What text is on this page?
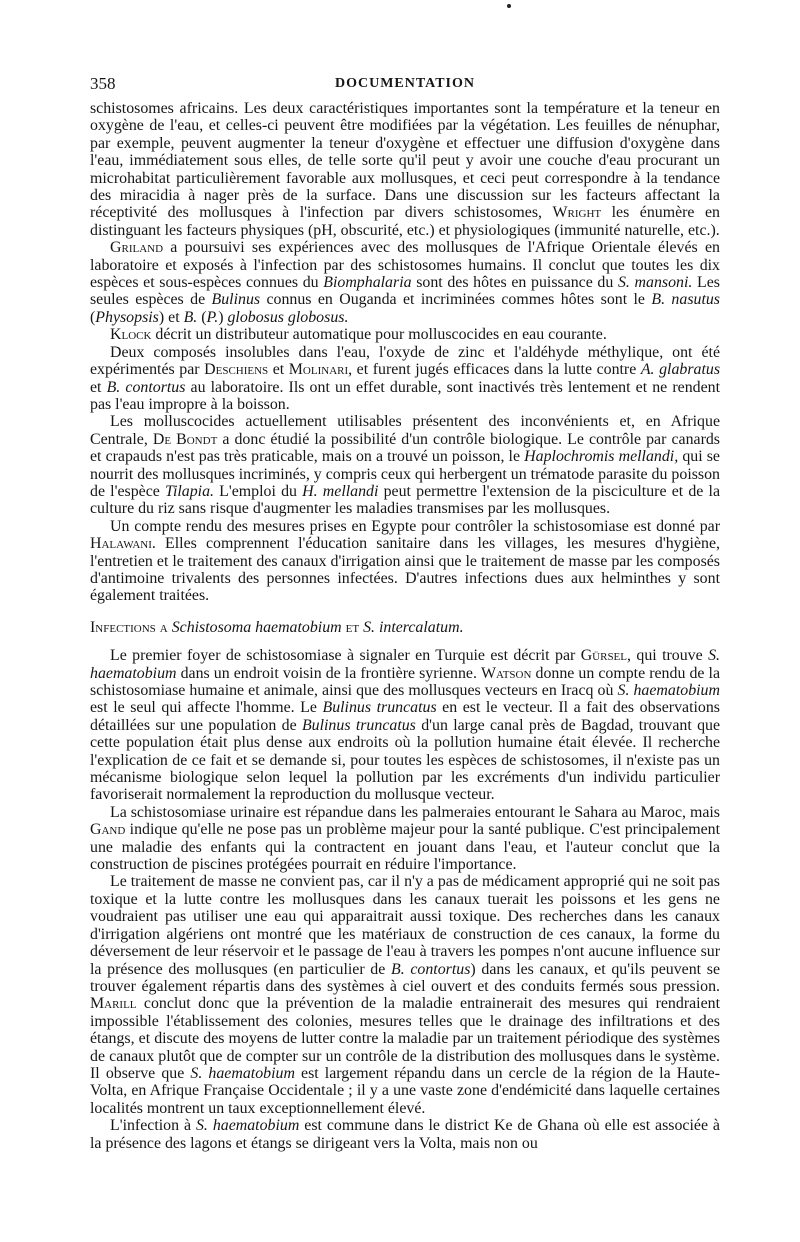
358	DOCUMENTATION

schistosomes africains. Les deux caractéristiques importantes sont la température et la teneur en oxygène de l'eau, et celles-ci peuvent être modifiées par la végétation. Les feuilles de nénuphar, par exemple, peuvent augmenter la teneur d'oxygène et effectuer une diffusion d'oxygène dans l'eau, immédiatement sous elles, de telle sorte qu'il peut y avoir une couche d'eau procurant un microhabitat particulièrement favorable aux mollusques, et ceci peut correspondre à la tendance des miracidia à nager près de la surface. Dans une discussion sur les facteurs affectant la réceptivité des mollusques à l'infection par divers schistosomes, Wright les énumère en distinguant les facteurs physiques (pH, obscurité, etc.) et physiologiques (immunité naturelle, etc.).

Griland a poursuivi ses expériences avec des mollusques de l'Afrique Orientale élevés en laboratoire et exposés à l'infection par des schistosomes humains. Il conclut que toutes les dix espèces et sous-espèces connues du Biomphalaria sont des hôtes en puissance du S. mansoni. Les seules espèces de Bulinus connus en Ouganda et incriminées commes hôtes sont le B. nasutus (Physopsis) et B. (P.) globosus globosus.

Klock décrit un distributeur automatique pour molluscocides en eau courante.

Deux composés insolubles dans l'eau, l'oxyde de zinc et l'aldéhyde méthylique, ont été expérimentés par Deschiens et Molinari, et furent jugés efficaces dans la lutte contre A. glabratus et B. contortus au laboratoire. Ils ont un effet durable, sont inactivés très lentement et ne rendent pas l'eau impropre à la boisson.

Les molluscocides actuellement utilisables présentent des inconvénients et, en Afrique Centrale, De Bondt a donc étudié la possibilité d'un contrôle biologique. Le contrôle par canards et crapauds n'est pas très praticable, mais on a trouvé un poisson, le Haplochromis mellandi, qui se nourrit des mollusques incriminés, y compris ceux qui herbergent un trématode parasite du poisson de l'espèce Tilapia. L'emploi du H. mellandi peut permettre l'extension de la pisciculture et de la culture du riz sans risque d'augmenter les maladies transmises par les mollusques.

Un compte rendu des mesures prises en Egypte pour contrôler la schistosomiase est donné par Halawani. Elles comprennent l'éducation sanitaire dans les villages, les mesures d'hygiène, l'entretien et le traitement des canaux d'irrigation ainsi que le traitement de masse par les composés d'antimoine trivalents des personnes infectées. D'autres infections dues aux helminthes y sont également traitées.

Infections a Schistosoma haematobium et S. intercalatum.

Le premier foyer de schistosomiase à signaler en Turquie est décrit par Gürsel, qui trouve S. haematobium dans un endroit voisin de la frontière syrienne. Watson donne un compte rendu de la schistosomiase humaine et animale, ainsi que des mollusques vecteurs en Iracq où S. haematobium est le seul qui affecte l'homme. Le Bulinus truncatus en est le vecteur. Il a fait des observations détaillées sur une population de Bulinus truncatus d'un large canal près de Bagdad, trouvant que cette population était plus dense aux endroits où la pollution humaine était élevée. Il recherche l'explication de ce fait et se demande si, pour toutes les espèces de schistosomes, il n'existe pas un mécanisme biologique selon lequel la pollution par les excréments d'un individu particulier favoriserait normalement la reproduction du mollusque vecteur.

La schistosomiase urinaire est répandue dans les palmeraies entourant le Sahara au Maroc, mais Gand indique qu'elle ne pose pas un problème majeur pour la santé publique. C'est principalement une maladie des enfants qui la contractent en jouant dans l'eau, et l'auteur conclut que la construction de piscines protégées pourrait en réduire l'importance.

Le traitement de masse ne convient pas, car il n'y a pas de médicament approprié qui ne soit pas toxique et la lutte contre les mollusques dans les canaux tuerait les poissons et les gens ne voudraient pas utiliser une eau qui apparaitrait aussi toxique. Des recherches dans les canaux d'irrigation algériens ont montré que les matériaux de construction de ces canaux, la forme du déversement de leur réservoir et le passage de l'eau à travers les pompes n'ont aucune influence sur la présence des mollusques (en particulier de B. contortus) dans les canaux, et qu'ils peuvent se trouver également répartis dans des systèmes à ciel ouvert et des conduits fermés sous pression. Marill conclut donc que la prévention de la maladie entrainerait des mesures qui rendraient impossible l'établissement des colonies, mesures telles que le drainage des infiltrations et des étangs, et discute des moyens de lutter contre la maladie par un traitement périodique des systèmes de canaux plutôt que de compter sur un contrôle de la distribution des mollusques dans le système. Il observe que S. haematobium est largement répandu dans un cercle de la région de la Haute-Volta, en Afrique Française Occidentale ; il y a une vaste zone d'endémicité dans laquelle certaines localités montrent un taux exceptionnellement élevé.

L'infection à S. haematobium est commune dans le district Ke de Ghana où elle est associée à la présence des lagons et étangs se dirigeant vers la Volta, mais non ou
